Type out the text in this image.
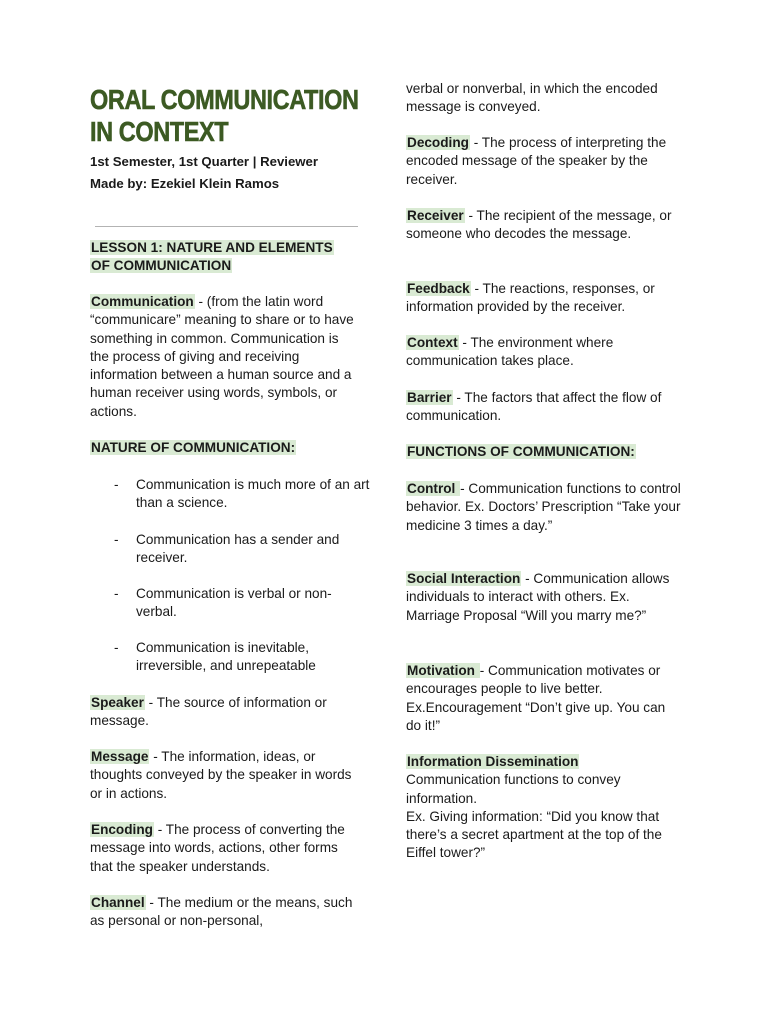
ORAL COMMUNICATION
IN CONTEXT
1st Semester, 1st Quarter | Reviewer
Made by: Ezekiel Klein Ramos

LESSON 1: NATURE AND ELEMENTS
OF COMMUNICATION

Communication - (from the latin word “communicare” meaning to share or to have something in common. Communication is the process of giving and receiving information between a human source and a human receiver using words, symbols, or actions.

NATURE OF COMMUNICATION:

- Communication is much more of an art than a science.
- Communication has a sender and receiver.
- Communication is verbal or non-verbal.
- Communication is inevitable, irreversible, and unrepeatable

Speaker - The source of information or message.

Message - The information, ideas, or thoughts conveyed by the speaker in words or in actions.

Encoding - The process of converting the message into words, actions, other forms that the speaker understands.

Channel - The medium or the means, such as personal or non-personal,

verbal or nonverbal, in which the encoded message is conveyed.

Decoding - The process of interpreting the encoded message of the speaker by the receiver.

Receiver - The recipient of the message, or someone who decodes the message.

Feedback - The reactions, responses, or information provided by the receiver.

Context - The environment where communication takes place.

Barrier - The factors that affect the flow of communication.

FUNCTIONS OF COMMUNICATION:

Control - Communication functions to control behavior. Ex. Doctors’ Prescription “Take your medicine 3 times a day.”

Social Interaction - Communication allows individuals to interact with others. Ex. Marriage Proposal “Will you marry me?”

Motivation - Communication motivates or encourages people to live better. Ex.Encouragement “Don’t give up. You can do it!”

Information Dissemination
Communication functions to convey information.
Ex. Giving information: “Did you know that there’s a secret apartment at the top of the Eiffel tower?”
